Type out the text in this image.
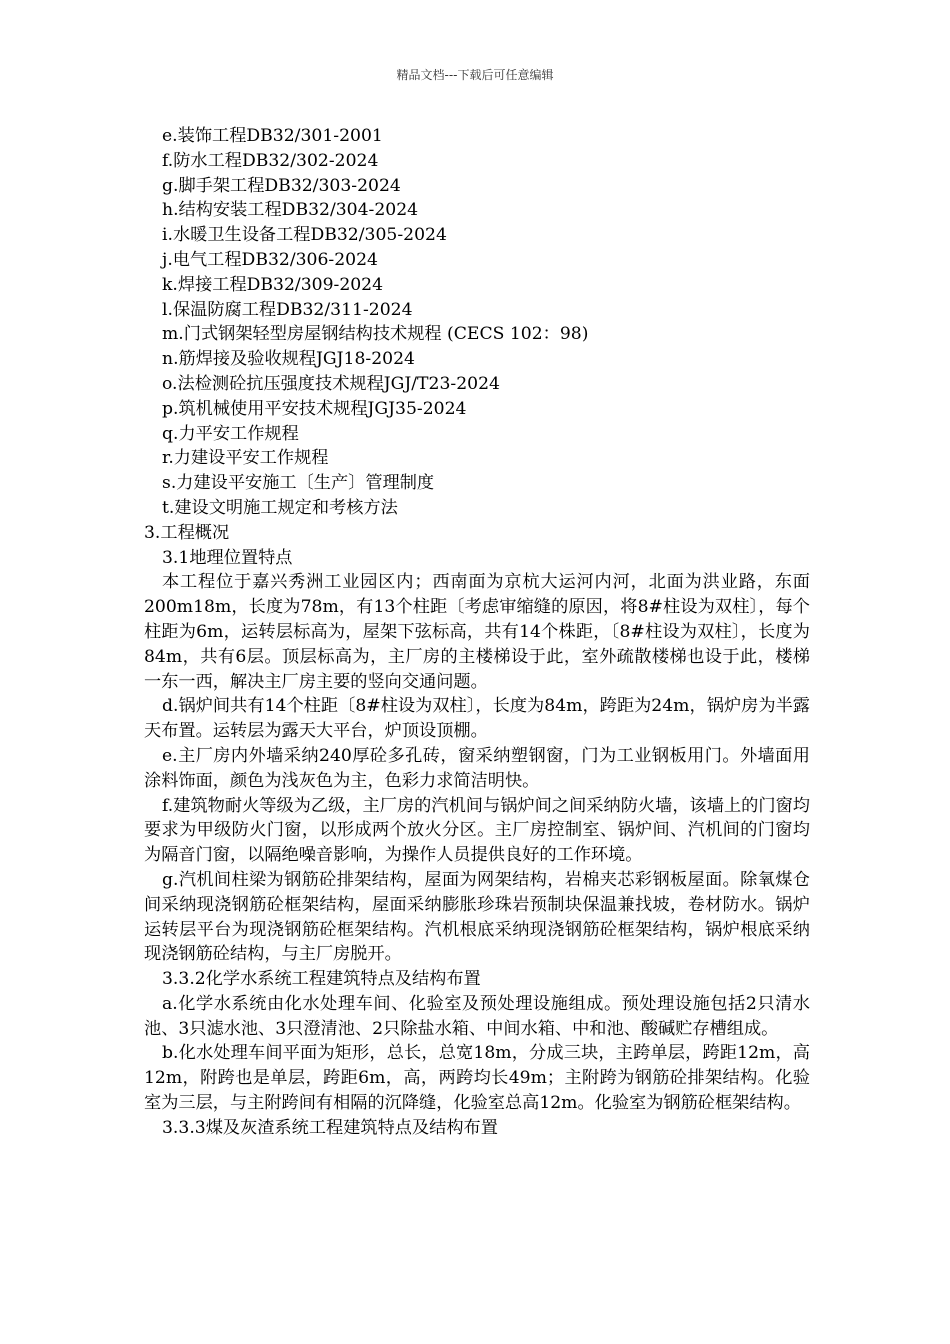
精品文档---下载后可任意编辑
e.装饰工程DB32/301-2001
f.防水工程DB32/302-2024
g.脚手架工程DB32/303-2024
h.结构安装工程DB32/304-2024
i.水暖卫生设备工程DB32/305-2024
j.电气工程DB32/306-2024
k.焊接工程DB32/309-2024
l.保温防腐工程DB32/311-2024
m.门式钢架轻型房屋钢结构技术规程 (CECS 102：98)
n.筋焊接及验收规程JGJ18-2024
o.法检测砼抗压强度技术规程JGJ/T23-2024
p.筑机械使用平安技术规程JGJ35-2024
q.力平安工作规程
r.力建设平安工作规程
s.力建设平安施工〔生产〕管理制度
t.建设文明施工规定和考核方法
3.工程概况
3.1地理位置特点
本工程位于嘉兴秀洲工业园区内；西南面为京杭大运河内河，北面为洪业路，东面200m18m，长度为78m，有13个柱距〔考虑审缩缝的原因，将8#柱设为双柱〕，每个柱距为6m，运转层标高为，屋架下弦标高，共有14个株距，〔8#柱设为双柱〕，长度为84m，共有6层。顶层标高为，主厂房的主楼梯设于此，室外疏散楼梯也设于此，楼梯一东一西，解决主厂房主要的竖向交通问题。
d.锅炉间共有14个柱距〔8#柱设为双柱〕，长度为84m，跨距为24m，锅炉房为半露天布置。运转层为露天大平台，炉顶设顶棚。
e.主厂房内外墙采纳240厚砼多孔砖，窗采纳塑钢窗，门为工业钢板用门。外墙面用涂料饰面，颜色为浅灰色为主，色彩力求简洁明快。
f.建筑物耐火等级为乙级，主厂房的汽机间与锅炉间之间采纳防火墙，该墙上的门窗均要求为甲级防火门窗，以形成两个放火分区。主厂房控制室、锅炉间、汽机间的门窗均为隔音门窗，以隔绝噪音影响，为操作人员提供良好的工作环境。
g.汽机间柱梁为钢筋砼排架结构，屋面为网架结构，岩棉夹芯彩钢板屋面。除氧煤仓间采纳现浇钢筋砼框架结构，屋面采纳膨胀珍珠岩预制块保温兼找坡，卷材防水。锅炉运转层平台为现浇钢筋砼框架结构。汽机根底采纳现浇钢筋砼框架结构，锅炉根底采纳现浇钢筋砼结构，与主厂房脱开。
3.3.2化学水系统工程建筑特点及结构布置
a.化学水系统由化水处理车间、化验室及预处理设施组成。预处理设施包括2只清水池、3只滤水池、3只澄清池、2只除盐水箱、中间水箱、中和池、酸碱贮存槽组成。
b.化水处理车间平面为矩形，总长，总宽18m，分成三块，主跨单层，跨距12m，高12m，附跨也是单层，跨距6m，高，两跨均长49m；主附跨为钢筋砼排架结构。化验室为三层，与主附跨间有相隔的沉降缝，化验室总高12m。化验室为钢筋砼框架结构。
3.3.3煤及灰渣系统工程建筑特点及结构布置
